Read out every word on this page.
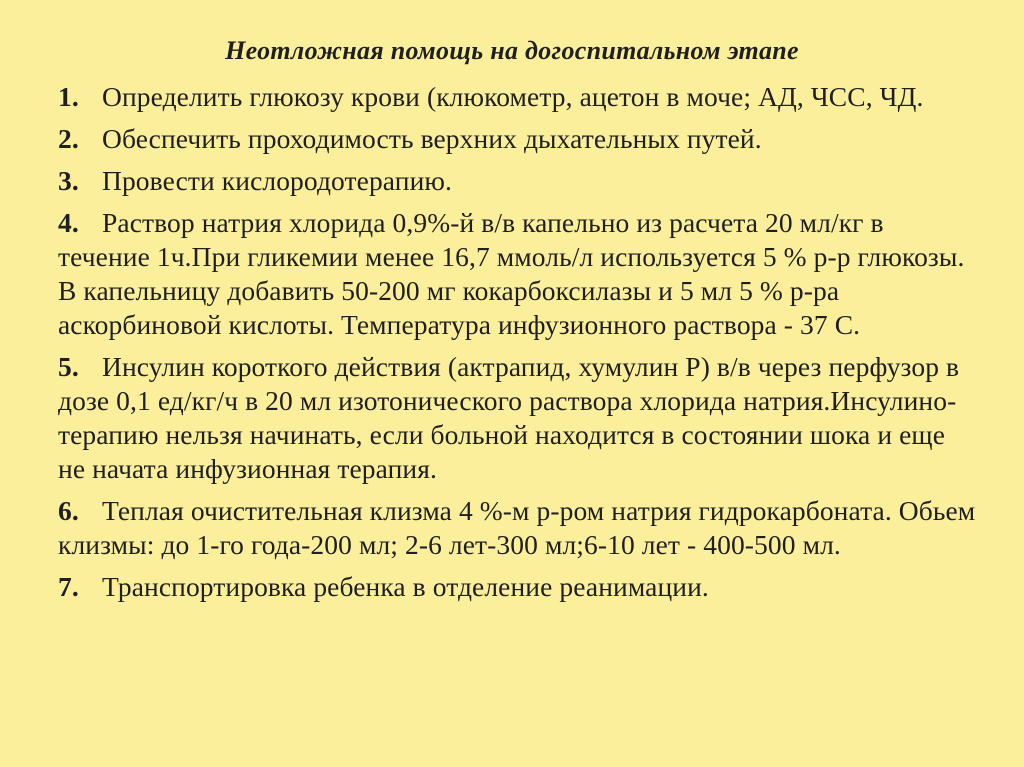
Неотложная помощь на догоспитальном этапе
1. Определить глюкозу крови (клюкометр, ацетон в моче; АД, ЧСС, ЧД.
2. Обеспечить проходимость верхних дыхательных путей.
3. Провести кислородотерапию.
4. Раствор натрия хлорида 0,9%-й в/в капельно из расчета 20 мл/кг в течение 1ч.При гликемии менее 16,7 ммоль/л используется 5 % р-р глюкозы. В капельницу добавить 50-200 мг кокарбоксилазы и 5 мл 5 % р-ра аскорбиновой кислоты. Температура инфузионного раствора - 37 С.
5. Инсулин короткого действия (актрапид, хумулин Р) в/в через перфузор в дозе 0,1 ед/кг/ч в 20 мл изотонического раствора хлорида натрия.Инсулино- терапию нельзя начинать, если больной находится в состоянии шока и еще не начата инфузионная терапия.
6. Теплая очистительная клизма 4 %-м р-ром натрия гидрокарбоната. Обьем клизмы: до 1-го года-200 мл; 2-6 лет-300 мл;6-10 лет - 400-500 мл.
7. Транспортировка ребенка в отделение реанимации.
